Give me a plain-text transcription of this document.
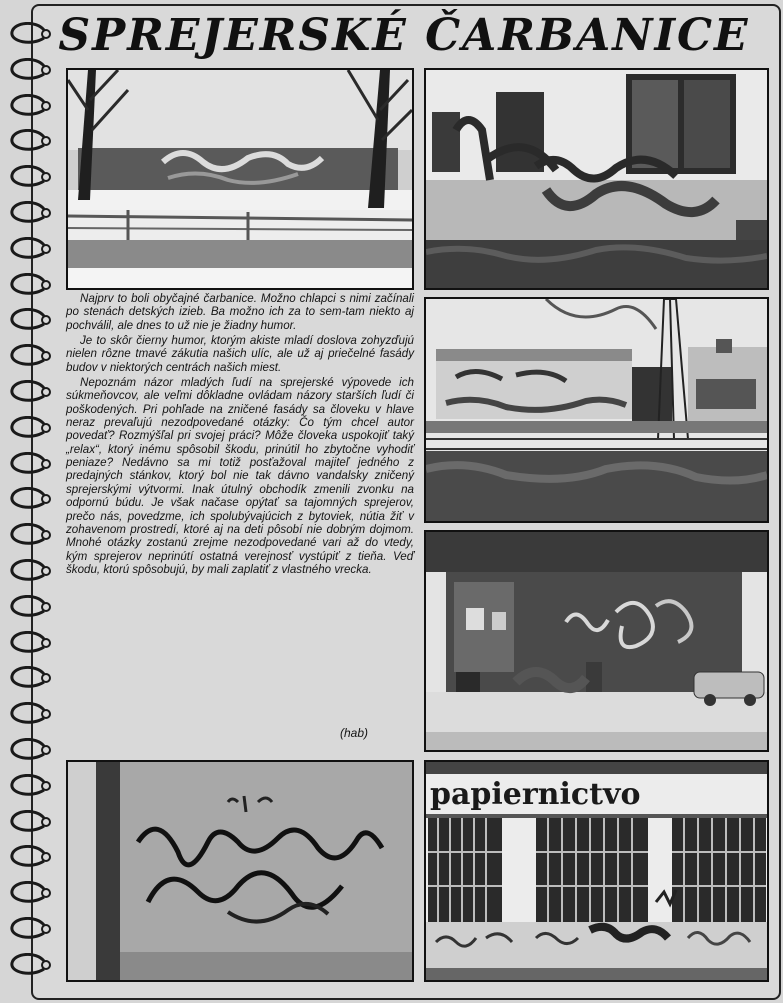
SPREJERSKÉ ČARBANICE
papiernictvo

Najprv to boli obyčajné čarbanice. Možno chlapci s nimi začínali po stenách detských izieb. Ba možno ich za to sem-tam niekto aj pochválil, ale dnes to už nie je žiadny humor.

Je to skôr čierny humor, ktorým akiste mladí doslova zohyzďujú nielen rôzne tmavé zákutia našich ulíc, ale už aj priečelné fasády budov v niektorých centrách našich miest.

Nepoznám názor mladých ľudí na sprejerské výpovede ich súkmeňovcov, ale veľmi dôkladne ovládam názory starších ľudí či poškodených. Pri pohľade na zničené fasády sa človeku v hlave neraz prevaľujú nezodpovedané otázky: Čo tým chcel autor povedať? Rozmýšľal pri svojej práci? Môže človeka uspokojiť taký „relax“, ktorý inému spôsobil škodu, prinútil ho zbytočne vyhodiť peniaze? Nedávno sa mi totiž posťažoval majiteľ jedného z predajných stánkov, ktorý bol nie tak dávno vandalsky zničený sprejerskými výtvormi. Inak útulný obchodík zmenili zvonku na odpornú búdu. Je však načase opýtať sa tajomných sprejerov, prečo nás, povedzme, ich spolubývajúcich z bytoviek, nútia žiť v zohavenom prostredí, ktoré aj na deti pôsobí nie dobrým dojmom. Mnohé otázky zostanú zrejme nezodpovedané vari až do vtedy, kým sprejerov neprinútí ostatná verejnosť vystúpiť z tieňa. Veď škodu, ktorú spôsobujú, by mali zaplatiť z vlastného vrecka.

(hab)
